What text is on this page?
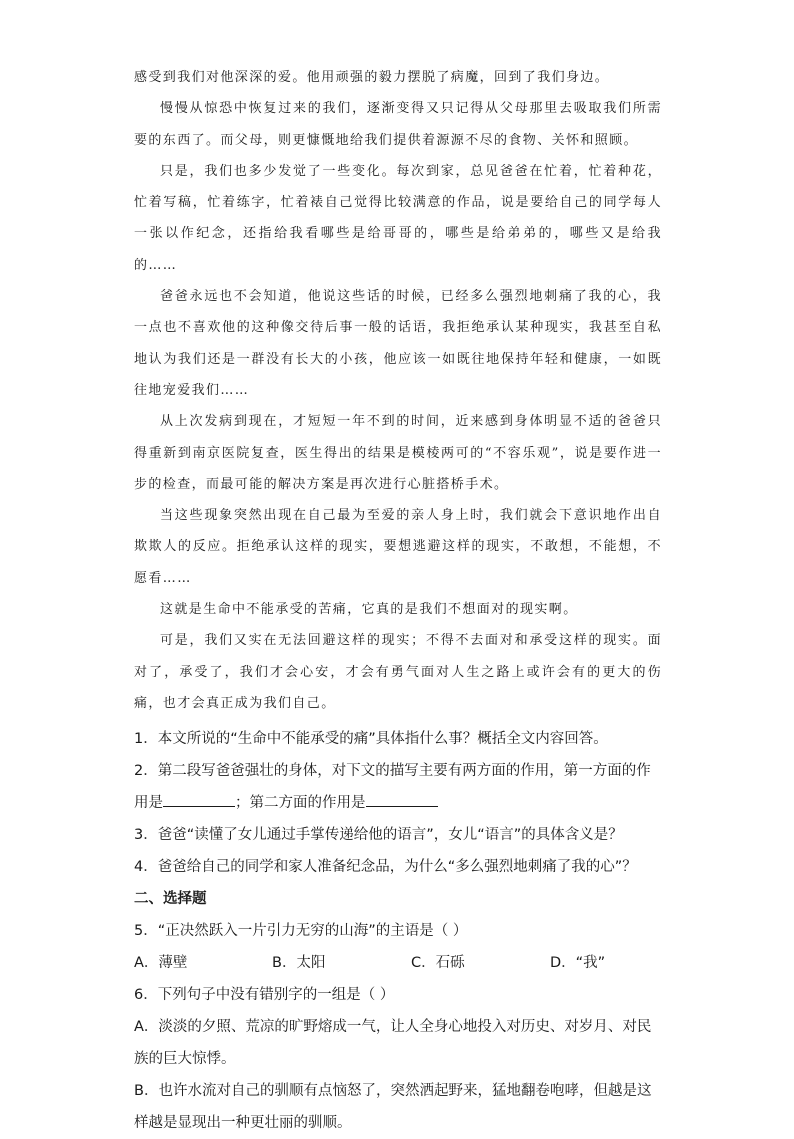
感受到我们对他深深的爱。他用顽强的毅力摆脱了病魔，回到了我们身边。

慢慢从惊恐中恢复过来的我们，逐渐变得又只记得从父母那里去吸取我们所需要的东西了。而父母，则更慷慨地给我们提供着源源不尽的食物、关怀和照顾。

只是，我们也多少发觉了一些变化。每次到家，总见爸爸在忙着，忙着种花，忙着写稿，忙着练字，忙着裱自己觉得比较满意的作品，说是要给自己的同学每人一张以作纪念，还指给我看哪些是给哥哥的，哪些是给弟弟的，哪些又是给我的……

爸爸永远也不会知道，他说这些话的时候，已经多么强烈地刺痛了我的心，我一点也不喜欢他的这种像交待后事一般的话语，我拒绝承认某种现实，我甚至自私地认为我们还是一群没有长大的小孩，他应该一如既往地保持年轻和健康，一如既往地宠爱我们……

从上次发病到现在，才短短一年不到的时间，近来感到身体明显不适的爸爸只得重新到南京医院复查，医生得出的结果是模棱两可的“不容乐观”，说是要作进一步的检查，而最可能的解决方案是再次进行心脏搭桥手术。

当这些现象突然出现在自己最为至爱的亲人身上时，我们就会下意识地作出自欺欺人的反应。拒绝承认这样的现实，要想逃避这样的现实，不敢想，不能想，不愿看……

这就是生命中不能承受的苦痛，它真的是我们不想面对的现实啊。

可是，我们又实在无法回避这样的现实；不得不去面对和承受这样的现实。面对了，承受了，我们才会心安，才会有勇气面对人生之路上或许会有的更大的伤痛，也才会真正成为我们自己。

1．本文所说的“生命中不能承受的痛”具体指什么事？概括全文内容回答。

2．第二段写爸爸强壮的身体，对下文的描写主要有两方面的作用，第一方面的作用是	；第二方面的作用是

3．爸爸“读懂了女儿通过手掌传递给他的语言”，女儿“语言”的具体含义是？

4．爸爸给自己的同学和家人准备纪念品，为什么“多么强烈地刺痛了我的心”？

二、选择题

5．“正决然跃入一片引力无穷的山海”的主语是（ ）

A．薄壁	B．太阳	C．石砾	D．“我”

6．下列句子中没有错别字的一组是（ ）

A．淡淡的夕照、荒凉的旷野熔成一气，让人全身心地投入对历史、对岁月、对民族的巨大惊悸。

B．也许水流对自己的驯顺有点恼怒了，突然洒起野来，猛地翻卷咆哮，但越是这样越是显现出一种更壮丽的驯顺。
